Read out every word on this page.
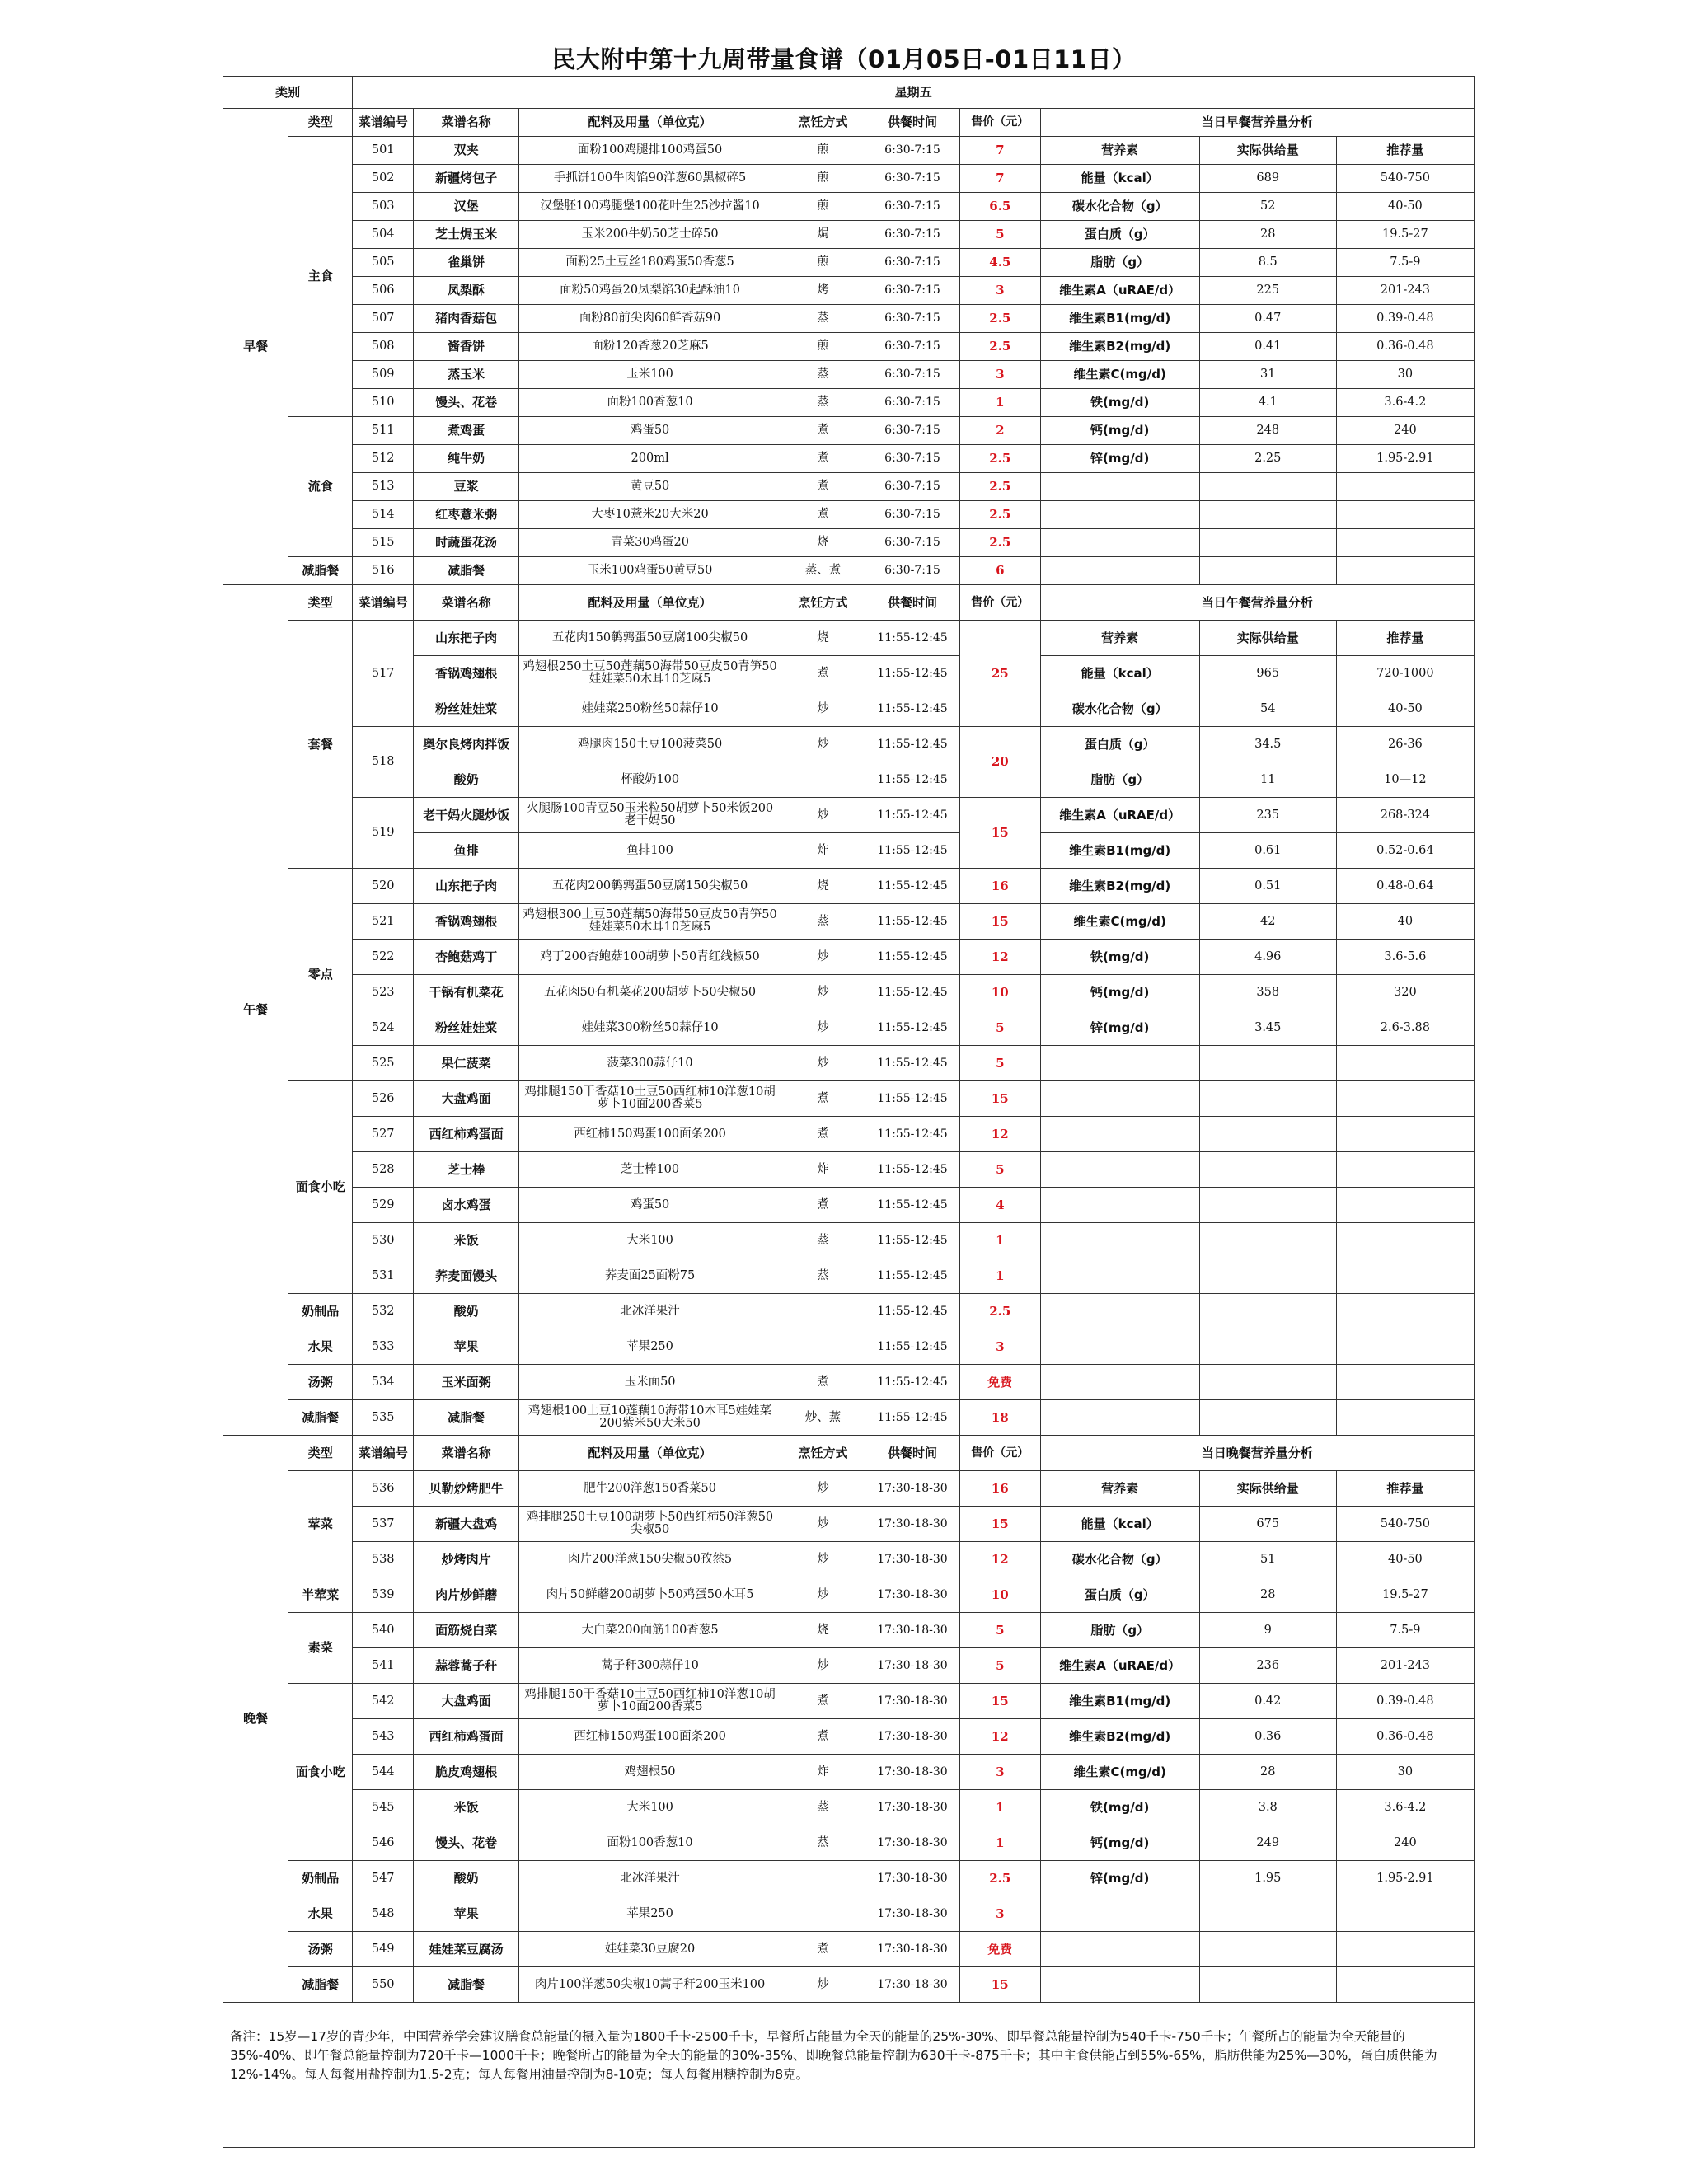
民大附中第十九周带量食谱（01月05日-01日11日）
类别		星期五								
早餐	类型	菜谱编号	菜谱名称	配料及用量（单位克）	烹饪方式	供餐时间	售价（元）	当日早餐营养量分析		
	主食	501	双夹	面粉100鸡腿排100鸡蛋50	煎	6:30-7:15	7	营养素	实际供给量	推荐量
		502	新疆烤包子	手抓饼100牛肉馅90洋葱60黑椒碎5	煎	6:30-7:15	7	能量（kcal）	689	540-750
		503	汉堡	汉堡胚100鸡腿堡100花叶生25沙拉酱10	煎	6:30-7:15	6.5	碳水化合物（g）	52	40-50
		504	芝士焗玉米	玉米200牛奶50芝士碎50	焗	6:30-7:15	5	蛋白质（g）	28	19.5-27
		505	雀巢饼	面粉25土豆丝180鸡蛋50香葱5	煎	6:30-7:15	4.5	脂肪（g）	8.5	7.5-9
		506	凤梨酥	面粉50鸡蛋20凤梨馅30起酥油10	烤	6:30-7:15	3	维生素A（uRAE/d）	225	201-243
		507	猪肉香菇包	面粉80前尖肉60鲜香菇90	蒸	6:30-7:15	2.5	维生素B1(mg/d)	0.47	0.39-0.48
		508	酱香饼	面粉120香葱20芝麻5	煎	6:30-7:15	2.5	维生素B2(mg/d)	0.41	0.36-0.48
		509	蒸玉米	玉米100	蒸	6:30-7:15	3	维生素C(mg/d)	31	30
		510	馒头、花卷	面粉100香葱10	蒸	6:30-7:15	1	铁(mg/d)	4.1	3.6-4.2
	流食	511	煮鸡蛋	鸡蛋50	煮	6:30-7:15	2	钙(mg/d)	248	240
		512	纯牛奶	200ml	煮	6:30-7:15	2.5	锌(mg/d)	2.25	1.95-2.91
		513	豆浆	黄豆50	煮	6:30-7:15	2.5			
		514	红枣薏米粥	大枣10薏米20大米20	煮	6:30-7:15	2.5			
		515	时蔬蛋花汤	青菜30鸡蛋20	烧	6:30-7:15	2.5			
	减脂餐	516	减脂餐	玉米100鸡蛋50黄豆50	蒸、煮	6:30-7:15	6			
午餐	类型	菜谱编号	菜谱名称	配料及用量（单位克）	烹饪方式	供餐时间	售价（元）	当日午餐营养量分析		
	套餐	517	山东把子肉	五花肉150鹌鹑蛋50豆腐100尖椒50	烧	11:55-12:45	25	营养素	实际供给量	推荐量
			香锅鸡翅根	鸡翅根250土豆50莲藕50海带50豆皮50青笋50娃娃菜50木耳10芝麻5	煮	11:55-12:45		能量（kcal）	965	720-1000
			粉丝娃娃菜	娃娃菜250粉丝50蒜仔10	炒	11:55-12:45		碳水化合物（g）	54	40-50
		518	奥尔良烤肉拌饭	鸡腿肉150土豆100菠菜50	炒	11:55-12:45	20	蛋白质（g）	34.5	26-36
			酸奶	杯酸奶100		11:55-12:45		脂肪（g）	11	10—12
		519	老干妈火腿炒饭	火腿肠100青豆50玉米粒50胡萝卜50米饭200老干妈50	炒	11:55-12:45	15	维生素A（uRAE/d）	235	268-324
			鱼排	鱼排100	炸	11:55-12:45		维生素B1(mg/d)	0.61	0.52-0.64
	零点	520	山东把子肉	五花肉200鹌鹑蛋50豆腐150尖椒50	烧	11:55-12:45	16	维生素B2(mg/d)	0.51	0.48-0.64
		521	香锅鸡翅根	鸡翅根300土豆50莲藕50海带50豆皮50青笋50娃娃菜50木耳10芝麻5	蒸	11:55-12:45	15	维生素C(mg/d)	42	40
		522	杏鲍菇鸡丁	鸡丁200杏鲍菇100胡萝卜50青红线椒50	炒	11:55-12:45	12	铁(mg/d)	4.96	3.6-5.6
		523	干锅有机菜花	五花肉50有机菜花200胡萝卜50尖椒50	炒	11:55-12:45	10	钙(mg/d)	358	320
		524	粉丝娃娃菜	娃娃菜300粉丝50蒜仔10	炒	11:55-12:45	5	锌(mg/d)	3.45	2.6-3.88
		525	果仁菠菜	菠菜300蒜仔10	炒	11:55-12:45	5			
	面食小吃	526	大盘鸡面	鸡排腿150干香菇10土豆50西红柿10洋葱10胡萝卜10面200香菜5	煮	11:55-12:45	15			
		527	西红柿鸡蛋面	西红柿150鸡蛋100面条200	煮	11:55-12:45	12			
		528	芝士棒	芝士棒100	炸	11:55-12:45	5			
		529	卤水鸡蛋	鸡蛋50	煮	11:55-12:45	4			
		530	米饭	大米100	蒸	11:55-12:45	1			
		531	荞麦面馒头	荞麦面25面粉75	蒸	11:55-12:45	1			
	奶制品	532	酸奶	北冰洋果汁		11:55-12:45	2.5			
	水果	533	苹果	苹果250		11:55-12:45	3			
	汤粥	534	玉米面粥	玉米面50	煮	11:55-12:45	免费			
	减脂餐	535	减脂餐	鸡翅根100土豆10莲藕10海带10木耳5娃娃菜200紫米50大米50	炒、蒸	11:55-12:45	18			
晚餐	类型	菜谱编号	菜谱名称	配料及用量（单位克）	烹饪方式	供餐时间	售价（元）	当日晚餐营养量分析		
	荤菜	536	贝勒炒烤肥牛	肥牛200洋葱150香菜50	炒	17:30-18-30	16	营养素	实际供给量	推荐量
		537	新疆大盘鸡	鸡排腿250土豆100胡萝卜50西红柿50洋葱50尖椒50	炒	17:30-18-30	15	能量（kcal）	675	540-750
		538	炒烤肉片	肉片200洋葱150尖椒50孜然5	炒	17:30-18-30	12	碳水化合物（g）	51	40-50
	半荤菜	539	肉片炒鲜蘑	肉片50鲜蘑200胡萝卜50鸡蛋50木耳5	炒	17:30-18-30	10	蛋白质（g）	28	19.5-27
	素菜	540	面筋烧白菜	大白菜200面筋100香葱5	烧	17:30-18-30	5	脂肪（g）	9	7.5-9
		541	蒜蓉蒿子秆	蒿子秆300蒜仔10	炒	17:30-18-30	5	维生素A（uRAE/d）	236	201-243
	面食小吃	542	大盘鸡面	鸡排腿150干香菇10土豆50西红柿10洋葱10胡萝卜10面200香菜5	煮	17:30-18-30	15	维生素B1(mg/d)	0.42	0.39-0.48
		543	西红柿鸡蛋面	西红柿150鸡蛋100面条200	煮	17:30-18-30	12	维生素B2(mg/d)	0.36	0.36-0.48
		544	脆皮鸡翅根	鸡翅根50	炸	17:30-18-30	3	维生素C(mg/d)	28	30
		545	米饭	大米100	蒸	17:30-18-30	1	铁(mg/d)	3.8	3.6-4.2
		546	馒头、花卷	面粉100香葱10	蒸	17:30-18-30	1	钙(mg/d)	249	240
	奶制品	547	酸奶	北冰洋果汁		17:30-18-30	2.5	锌(mg/d)	1.95	1.95-2.91
	水果	548	苹果	苹果250		17:30-18-30	3			
	汤粥	549	娃娃菜豆腐汤	娃娃菜30豆腐20	煮	17:30-18-30	免费			
	减脂餐	550	减脂餐	肉片100洋葱50尖椒10蒿子秆200玉米100	炒	17:30-18-30	15			
备注：15岁—17岁的青少年，中国营养学会建议膳食总能量的摄入量为1800千卡-2500千卡，早餐所占能量为全天的能量的25%-30%、即早餐总能量控制为540千卡-750千卡；午餐所占的能量为全天能量的35%-40%、即午餐总能量控制为720千卡—1000千卡；晚餐所占的能量为全天的能量的30%-35%、即晚餐总能量控制为630千卡-875千卡；其中主食供能占到55%-65%，脂肪供能为25%—30%，蛋白质供能为12%-14%。每人每餐用盐控制为1.5-2克；每人每餐用油量控制为8-10克；每人每餐用糖控制为8克。										
